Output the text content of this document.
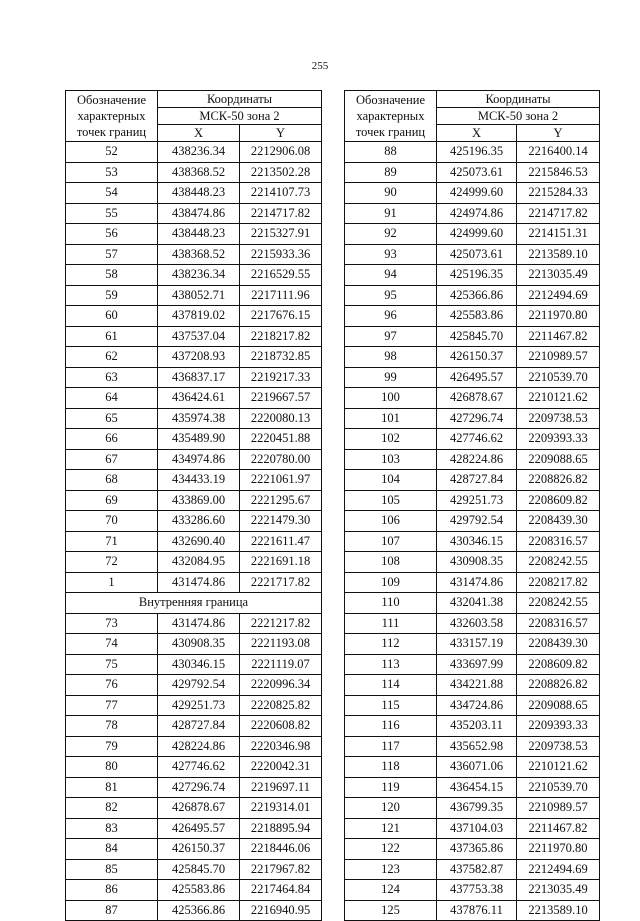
255
Обозначение характерных точек границ	Координаты	
	МСК-50 зона 2	
	X	Y
52	438236.34	2212906.08
53	438368.52	2213502.28
54	438448.23	2214107.73
55	438474.86	2214717.82
56	438448.23	2215327.91
57	438368.52	2215933.36
58	438236.34	2216529.55
59	438052.71	2217111.96
60	437819.02	2217676.15
61	437537.04	2218217.82
62	437208.93	2218732.85
63	436837.17	2219217.33
64	436424.61	2219667.57
65	435974.38	2220080.13
66	435489.90	2220451.88
67	434974.86	2220780.00
68	434433.19	2221061.97
69	433869.00	2221295.67
70	433286.60	2221479.30
71	432690.40	2221611.47
72	432084.95	2221691.18
1	431474.86	2221717.82
Внутренняя граница		
73	431474.86	2221217.82
74	430908.35	2221193.08
75	430346.15	2221119.07
76	429792.54	2220996.34
77	429251.73	2220825.82
78	428727.84	2220608.82
79	428224.86	2220346.98
80	427746.62	2220042.31
81	427296.74	2219697.11
82	426878.67	2219314.01
83	426495.57	2218895.94
84	426150.37	2218446.06
85	425845.70	2217967.82
86	425583.86	2217464.84
87	425366.86	2216940.95
Обозначение характерных точек границ	Координаты	
	МСК-50 зона 2	
	X	Y
88	425196.35	2216400.14
89	425073.61	2215846.53
90	424999.60	2215284.33
91	424974.86	2214717.82
92	424999.60	2214151.31
93	425073.61	2213589.10
94	425196.35	2213035.49
95	425366.86	2212494.69
96	425583.86	2211970.80
97	425845.70	2211467.82
98	426150.37	2210989.57
99	426495.57	2210539.70
100	426878.67	2210121.62
101	427296.74	2209738.53
102	427746.62	2209393.33
103	428224.86	2209088.65
104	428727.84	2208826.82
105	429251.73	2208609.82
106	429792.54	2208439.30
107	430346.15	2208316.57
108	430908.35	2208242.55
109	431474.86	2208217.82
110	432041.38	2208242.55
111	432603.58	2208316.57
112	433157.19	2208439.30
113	433697.99	2208609.82
114	434221.88	2208826.82
115	434724.86	2209088.65
116	435203.11	2209393.33
117	435652.98	2209738.53
118	436071.06	2210121.62
119	436454.15	2210539.70
120	436799.35	2210989.57
121	437104.03	2211467.82
122	437365.86	2211970.80
123	437582.87	2212494.69
124	437753.38	2213035.49
125	437876.11	2213589.10
